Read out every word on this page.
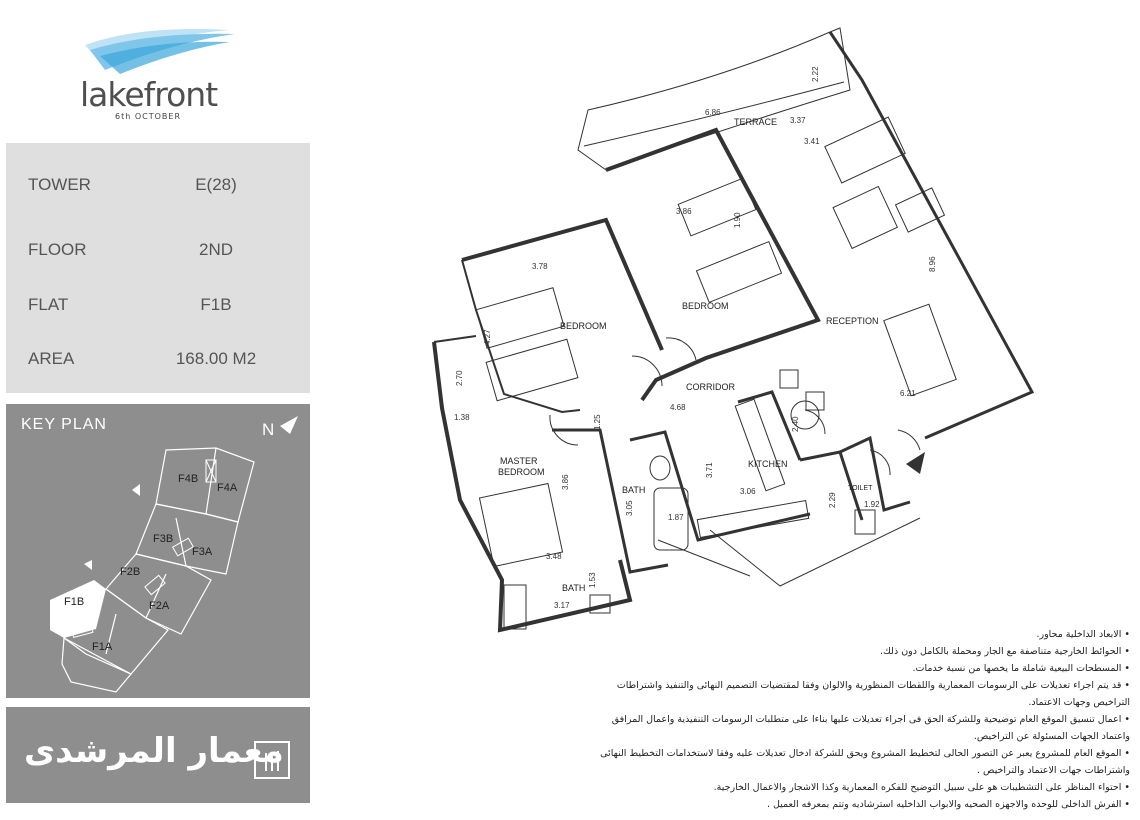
lakefront
6th OCTOBER
TOWER	E(28)
FLOOR	2ND
FLAT	F1B
AREA	168.00 M2
KEY PLAN	N
F4B
F4A
F3B
F3A
F2B
F2A
F1B
F1A
معمار المرشدى
TERRACE
BEDROOM
BEDROOM
RECEPTION
CORRIDOR
MASTER
BEDROOM
KITCHEN
BATH
BATH
TOILET
6.86
3.37
2.22
3.41
3.86
1.90
8.96
3.78
4.27
2.70
1.38
4.68
6.21
1.25
3.86
3.05
1.87
3.06
3.71
2.40
2.29	1.92
3.48
1.53
3.17
• الابعاد الداخلية محاور.
• الحوائط الخارجية متناصفة مع الجار ومحملة بالكامل دون ذلك.
• المسطحات البيعية شاملة ما يخصها من نسبة خدمات.
• قد يتم اجراء تعديلات على الرسومات المعمارية واللقطات المنظورية والالوان وفقا لمقتضيات التصميم النهائى والتنفيذ واشتراطات
التراخيص وجهات الاعتماد.
• اعمال تنسيق الموقع العام توضيحية وللشركة الحق فى اجراء تعديلات عليها بناءا على متطلبات الرسومات التنفيذية واعمال المرافق
واعتماد الجهات المسئولة عن التراخيص.
• الموقع العام للمشروع يعبر عن التصور الحالى لتخطيط المشروع ويحق للشركة ادخال تعديلات عليه وفقا لاستخدامات التخطيط النهائى
واشتراطات جهات الاعتماد والتراخيص .
• احتواء المناظر على التشطيبات هو على سبيل التوضيح للفكره المعمارية وكذا الاشجار والاعمال الخارجية.
• الفرش الداخلى للوحده والاجهزه الصحيه والابواب الداخليه استرشاديه وتتم بمعرفه العميل .
